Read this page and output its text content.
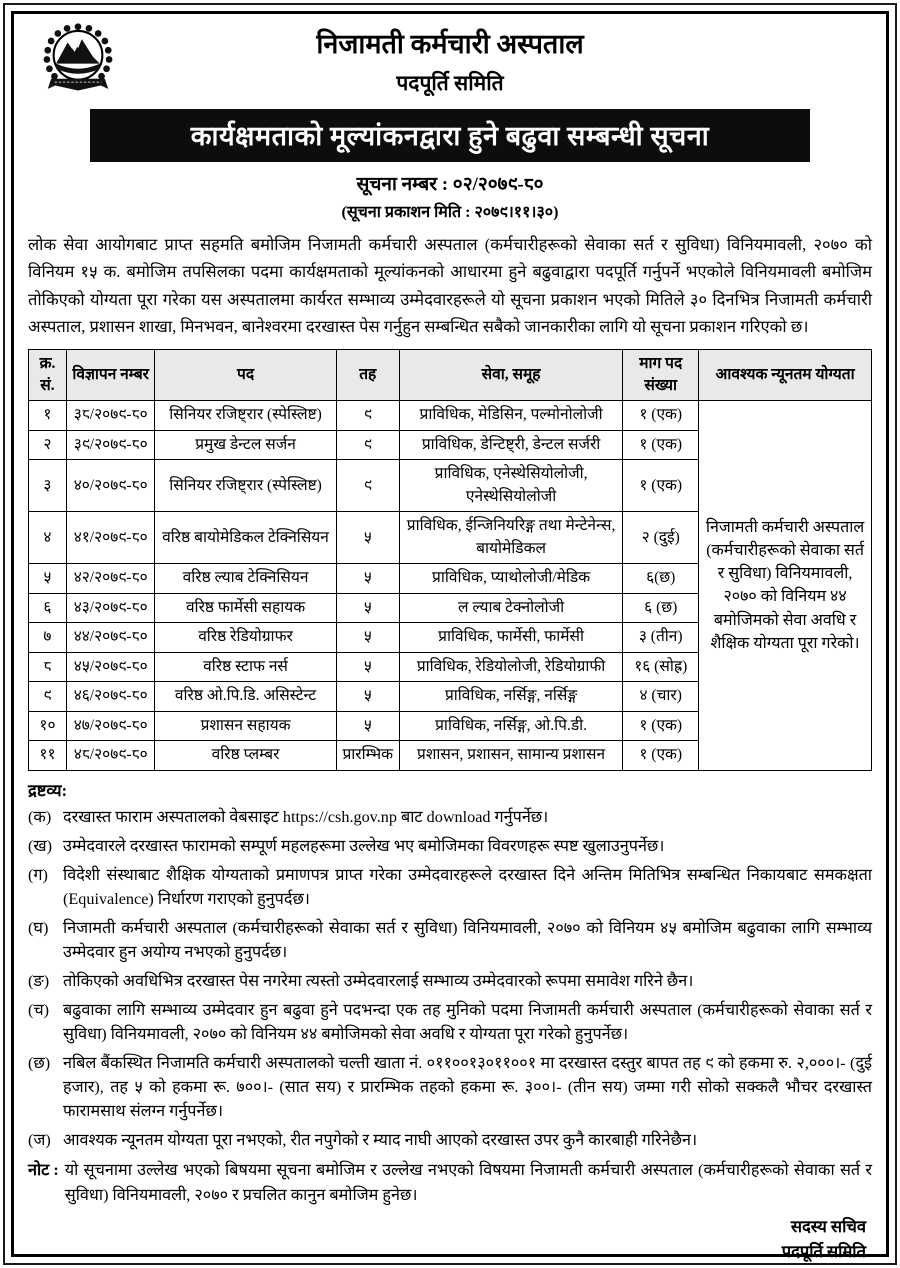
निजामती कर्मचारी अस्पताल
पदपूर्ति समिति
कार्यक्षमताको मूल्यांकनद्वारा हुने बढुवा सम्बन्धी सूचना
सूचना नम्बर : ०२/२०७९-८०
(सूचना प्रकाशन मिति : २०७९।११।३०)

लोक सेवा आयोगबाट प्राप्त सहमति बमोजिम निजामती कर्मचारी अस्पताल (कर्मचारीहरूको सेवाका सर्त र सुविधा) विनियमावली, २०७० को विनियम १५ क. बमोजिम तपसिलका पदमा कार्यक्षमताको मूल्यांकनको आधारमा हुने बढुवाद्वारा पदपूर्ति गर्नुपर्ने भएकोले विनियमावली बमोजिम तोकिएको योग्यता पूरा गरेका यस अस्पतालमा कार्यरत सम्भाव्य उम्मेदवारहरूले यो सूचना प्रकाशन भएको मितिले ३० दिनभित्र निजामती कर्मचारी अस्पताल, प्रशासन शाखा, मिनभवन, बानेश्वरमा दरखास्त पेस गर्नुहुन सम्बन्धित सबैको जानकारीका लागि यो सूचना प्रकाशन गरिएको छ।

क्र. सं.	विज्ञापन नम्बर	पद	तह	सेवा, समूह	माग पद संख्या	आवश्यक न्यूनतम योग्यता
१	३८/२०७९-८०	सिनियर रजिष्ट्रार (स्पेस्लिष्ट)	९	प्राविधिक, मेडिसिन, पल्मोनोलोजी	१ (एक)	निजामती कर्मचारी अस्पताल (कर्मचारीहरूको सेवाका सर्त र सुविधा) विनियमावली, २०७० को विनियम ४४ बमोजिमको सेवा अवधि र शैक्षिक योग्यता पूरा गरेको।
२	३९/२०७९-८०	प्रमुख डेन्टल सर्जन	९	प्राविधिक, डेन्टिष्ट्री, डेन्टल सर्जरी	१ (एक)	
३	४०/२०७९-८०	सिनियर रजिष्ट्रार (स्पेस्लिष्ट)	९	प्राविधिक, एनेस्थेसियोलोजी, एनेस्थेसियोलोजी	१ (एक)	
४	४१/२०७९-८०	वरिष्ठ बायोमेडिकल टेक्निसियन	५	प्राविधिक, ईन्जिनियरिङ्ग तथा मेन्टेनेन्स, बायोमेडिकल	२ (दुई)	
५	४२/२०७९-८०	वरिष्ठ ल्याब टेक्निसियन	५	प्राविधिक, प्याथोलोजी/मेडिक	६(छ)	
६	४३/२०७९-८०	वरिष्ठ फार्मेसी सहायक	५	ल ल्याब टेक्नोलोजी	६ (छ)	
७	४४/२०७९-८०	वरिष्ठ रेडियोग्राफर	५	प्राविधिक, फार्मेसी, फार्मेसी	३ (तीन)	
८	४५/२०७९-८०	वरिष्ठ स्टाफ नर्स	५	प्राविधिक, रेडियोलोजी, रेडियोग्राफी	१६ (सोह्र)	
९	४६/२०७९-८०	वरिष्ठ ओ.पि.डि. असिस्टेन्ट	५	प्राविधिक, नर्सिङ्ग, नर्सिङ्ग	४ (चार)	
१०	४७/२०७९-८०	प्रशासन सहायक	५	प्राविधिक, नर्सिङ्ग, ओ.पि.डी.	१ (एक)	
११	४८/२०७९-८०	वरिष्ठ प्लम्बर	प्रारम्भिक	प्रशासन, प्रशासन, सामान्य प्रशासन	१ (एक)	
द्रष्टव्य:
(क) दरखास्त फाराम अस्पतालको वेबसाइट https://csh.gov.np बाट download गर्नुपर्नेछ।
(ख) उम्मेदवारले दरखास्त फारामको सम्पूर्ण महलहरूमा उल्लेख भए बमोजिमका विवरणहरू स्पष्ट खुलाउनुपर्नेछ।
(ग) विदेशी संस्थाबाट शैक्षिक योग्यताको प्रमाणपत्र प्राप्त गरेका उम्मेदवारहरूले दरखास्त दिने अन्तिम मितिभित्र सम्बन्धित निकायबाट समकक्षता (Equivalence) निर्धारण गराएको हुनुपर्दछ।
(घ) निजामती कर्मचारी अस्पताल (कर्मचारीहरूको सेवाका सर्त र सुविधा) विनियमावली, २०७० को विनियम ४५ बमोजिम बढुवाका लागि सम्भाव्य उम्मेदवार हुन अयोग्य नभएको हुनुपर्दछ।
(ङ) तोकिएको अवधिभित्र दरखास्त पेस नगरेमा त्यस्तो उम्मेदवारलाई सम्भाव्य उम्मेदवारको रूपमा समावेश गरिने छैन।
(च) बढुवाका लागि सम्भाव्य उम्मेदवार हुन बढुवा हुने पदभन्दा एक तह मुनिको पदमा निजामती कर्मचारी अस्पताल (कर्मचारीहरूको सेवाका सर्त र सुविधा) विनियमावली, २०७० को विनियम ४४ बमोजिमको सेवा अवधि र योग्यता पूरा गरेको हुनुपर्नेछ।
(छ) नबिल बैंकस्थित निजामति कर्मचारी अस्पतालको चल्ती खाता नं. ०११००१३०११००१ मा दरखास्त दस्तुर बापत तह ९ को हकमा रु. २,०००।- (दुई हजार), तह ५ को हकमा रू. ७००।- (सात सय) र प्रारम्भिक तहको हकमा रू. ३००।- (तीन सय) जम्मा गरी सोको सक्कलै भौचर दरखास्त फारामसाथ संलग्न गर्नुपर्नेछ।
(ज) आवश्यक न्यूनतम योग्यता पूरा नभएको, रीत नपुगेको र म्याद नाघी आएको दरखास्त उपर कुनै कारबाही गरिनेछैन।
नोट : यो सूचनामा उल्लेख भएको बिषयमा सूचना बमोजिम र उल्लेख नभएको विषयमा निजामती कर्मचारी अस्पताल (कर्मचारीहरूको सेवाका सर्त र सुविधा) विनियमावली, २०७० र प्रचलित कानुन बमोजिम हुनेछ।
सदस्य सचिव
पदपूर्ति समिति
